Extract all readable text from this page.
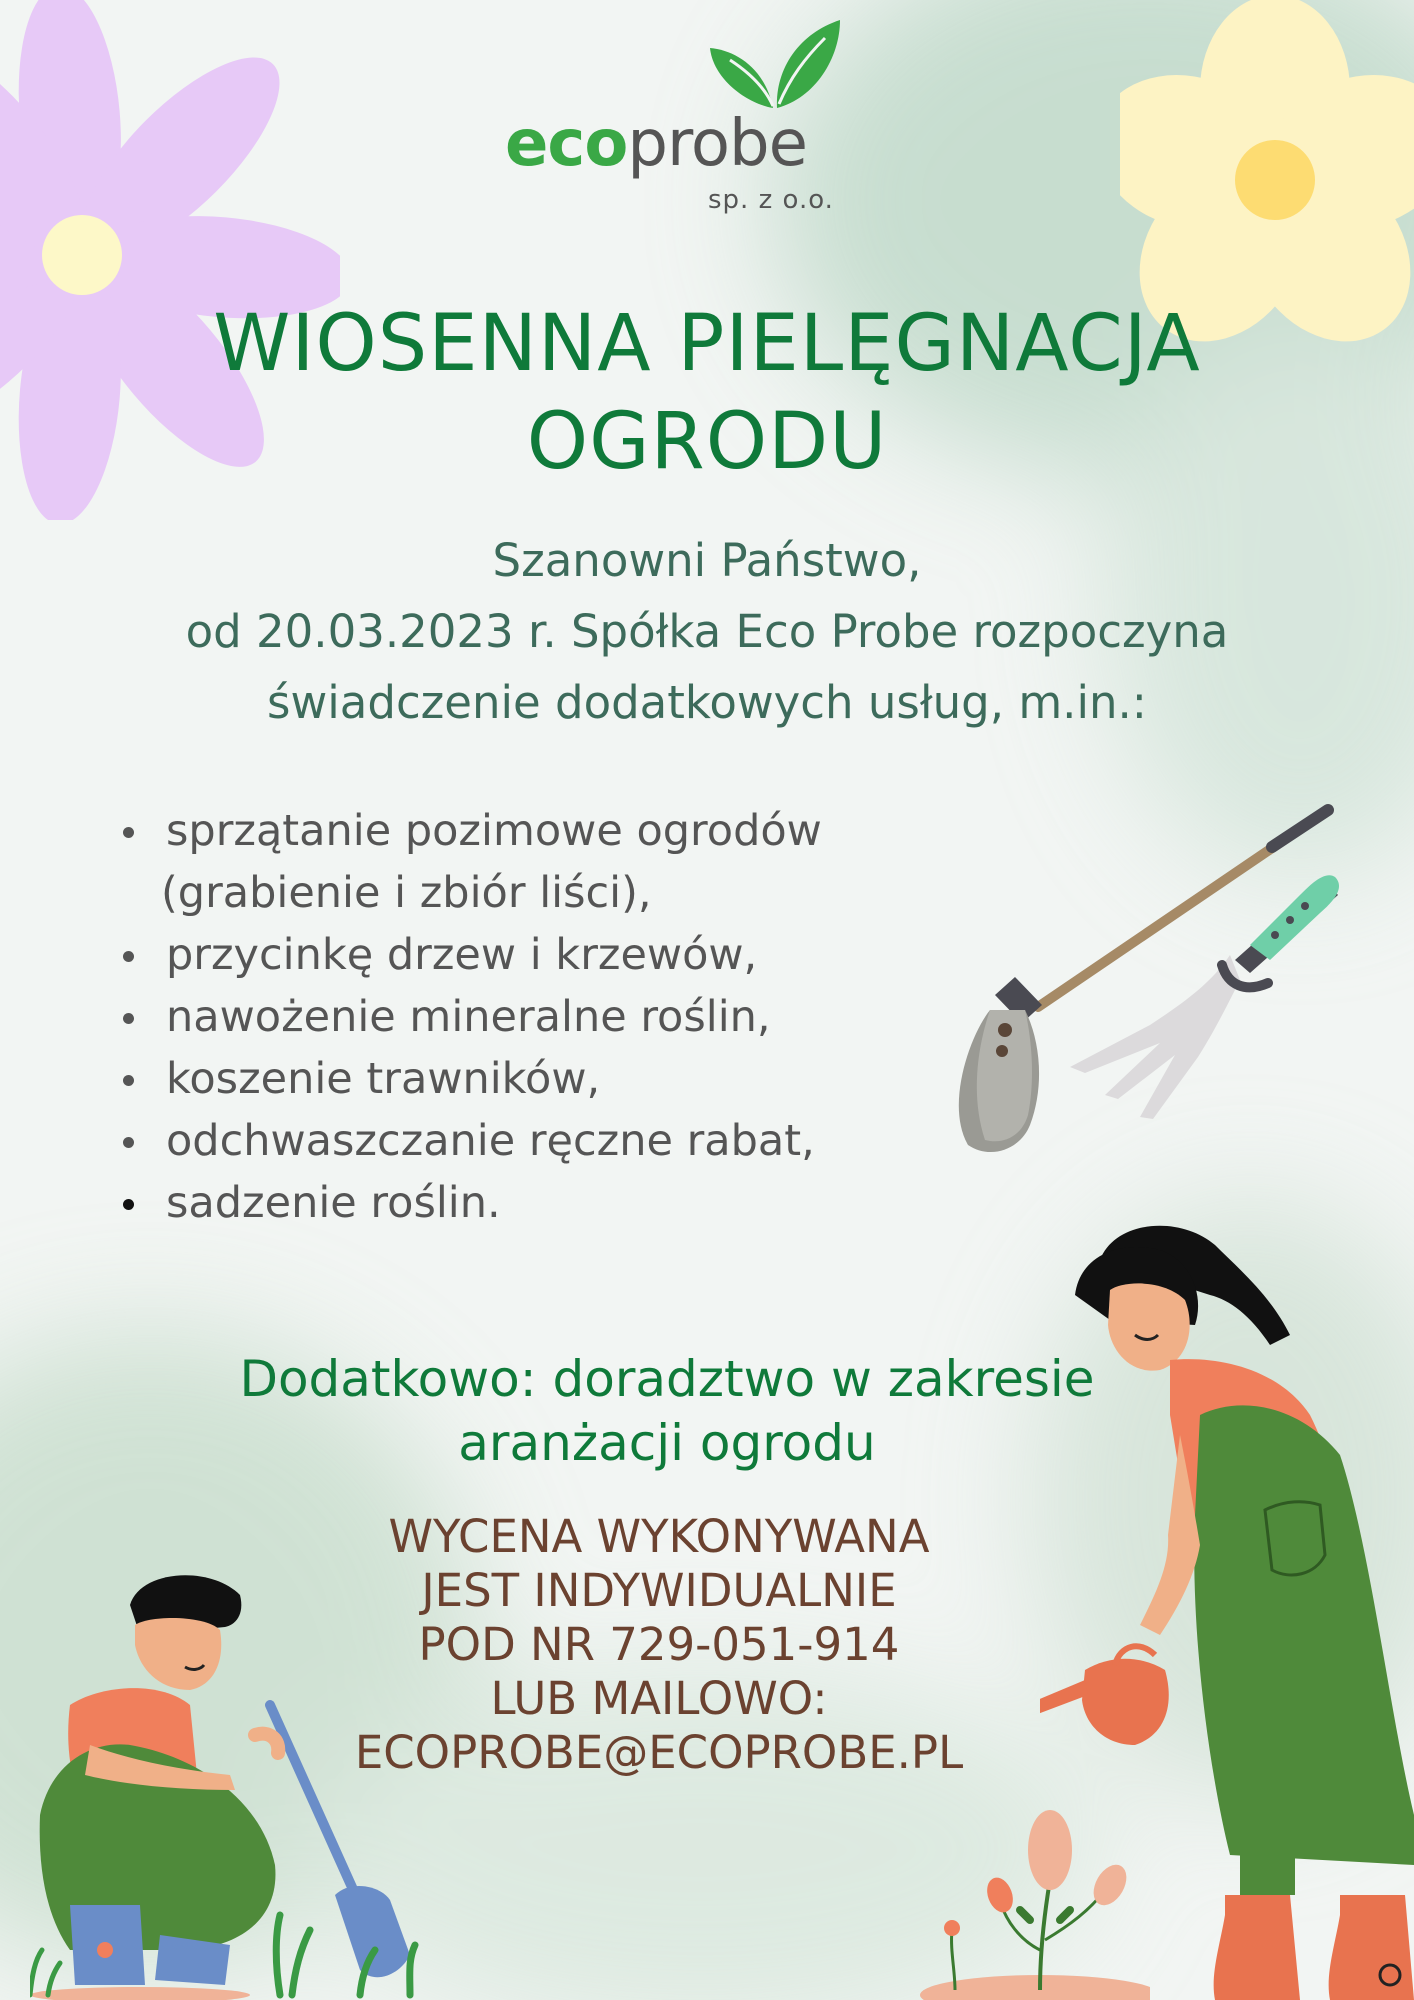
ecoprobe
sp. z o.o.
WIOSENNA PIELĘGNACJA
OGRODU
Szanowni Państwo,
od 20.03.2023 r. Spółka Eco Probe rozpoczyna
świadczenie dodatkowych usług, m.in.:
sprzątanie pozimowe ogrodów
(grabienie i zbiór liści),
przycinkę drzew i krzewów,
nawożenie mineralne roślin,
koszenie trawników,
odchwaszczanie ręczne rabat,
sadzenie roślin.
Dodatkowo: doradztwo w zakresie
aranżacji ogrodu
WYCENA WYKONYWANA
JEST INDYWIDUALNIE
POD NR 729-051-914
LUB MAILOWO:
ECOPROBE@ECOPROBE.PL
